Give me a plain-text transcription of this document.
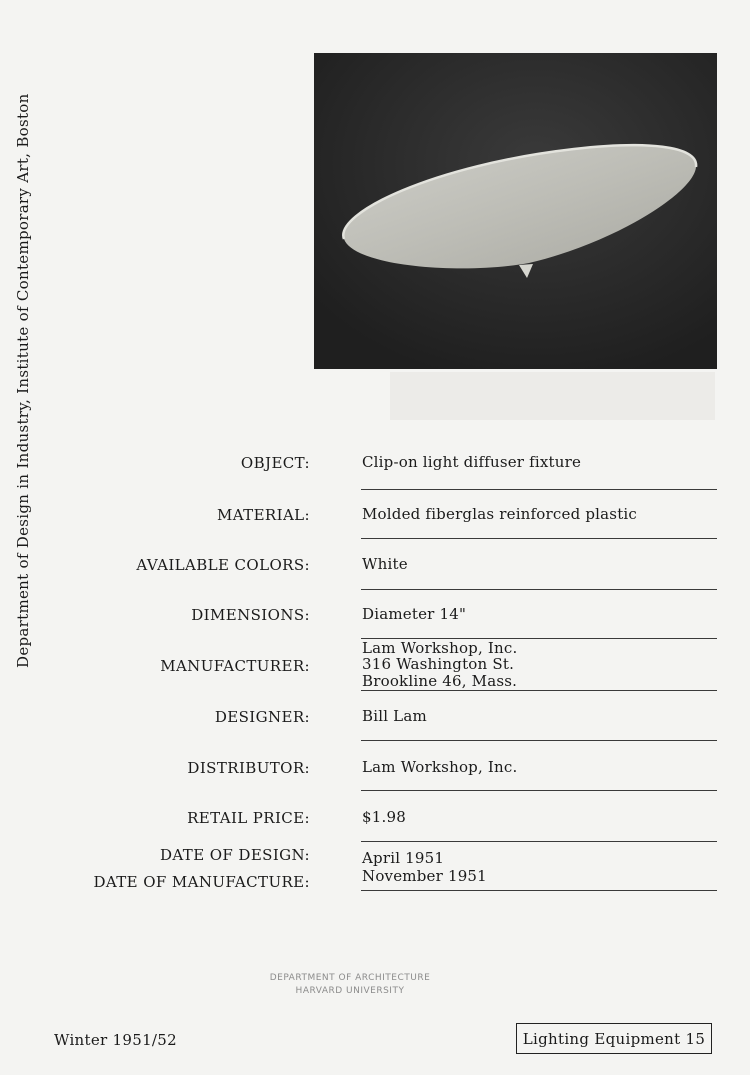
Department of Design in Industry, Institute of Contemporary Art, Boston	OBJECT:	Clip-on light diffuser fixture
MATERIAL:	Molded fiberglas reinforced plastic
AVAILABLE COLORS:	White
DIMENSIONS:	Diameter 14"
MANUFACTURER:
Lam Workshop, Inc.
316 Washington St.
Brookline 46, Mass.
DESIGNER:	Bill Lam
DISTRIBUTOR:	Lam Workshop, Inc.
RETAIL PRICE:	$1.98
DATE OF DESIGN:	April 1951
DATE OF MANUFACTURE:	November 1951
DEPARTMENT OF ARCHITECTURE
HARVARD UNIVERSITY
Winter 1951/52	Lighting Equipment 15
